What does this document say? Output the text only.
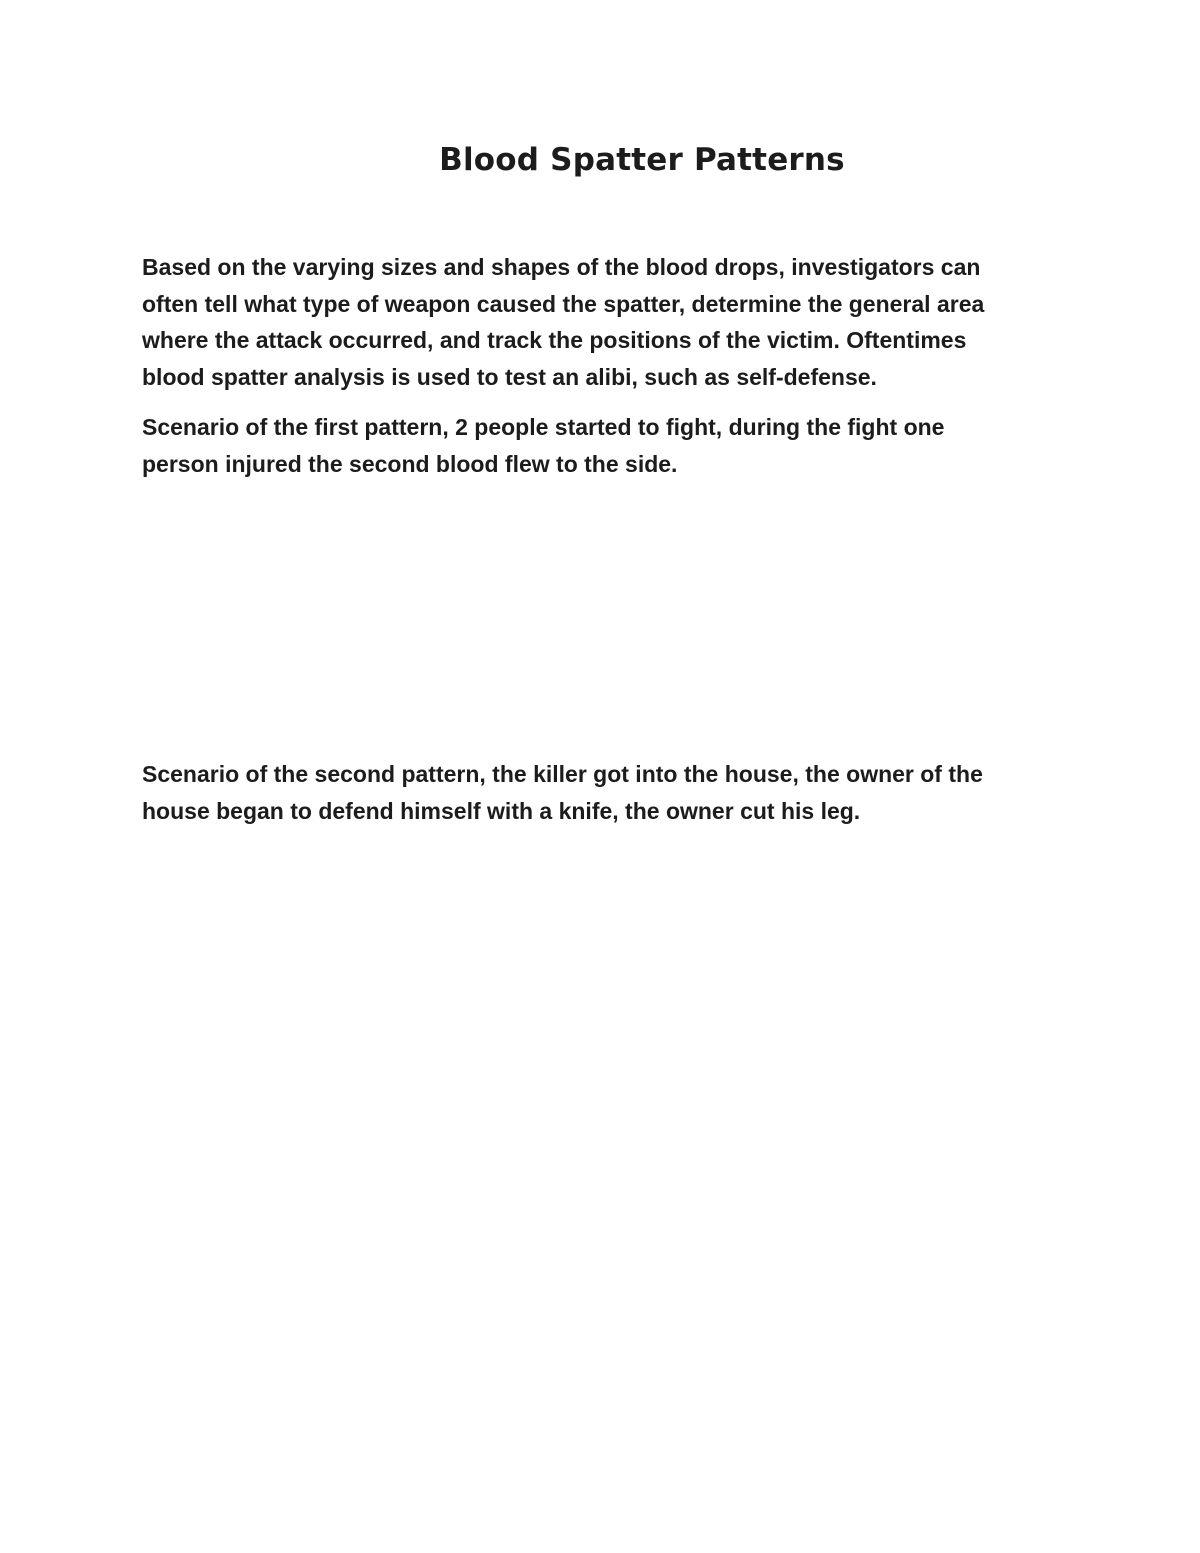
Blood Spatter Patterns

Based on the varying sizes and shapes of the blood drops, investigators can
often tell what type of weapon caused the spatter, determine the general area
where the attack occurred, and track the positions of the victim. Oftentimes
blood spatter analysis is used to test an alibi, such as self-defense.

Scenario of the first pattern, 2 people started to fight, during the fight one
person injured the second blood flew to the side.

Scenario of the second pattern, the killer got into the house, the owner of the
house began to defend himself with a knife, the owner cut his leg.
